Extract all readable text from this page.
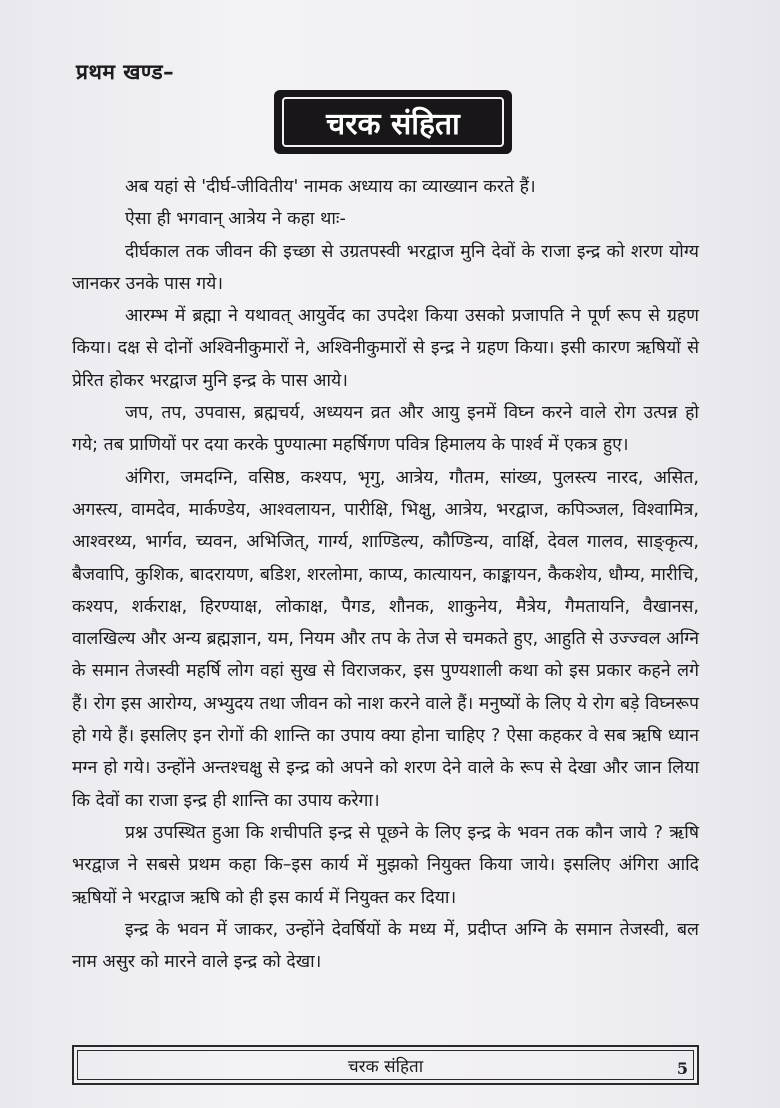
प्रथम खण्ड–
चरक संहिता

अब यहां से 'दीर्घ-जीवितीय' नामक अध्याय का व्याख्यान करते हैं।

ऐसा ही भगवान् आत्रेय ने कहा थाः-

दीर्घकाल तक जीवन की इच्छा से उग्रतपस्वी भरद्वाज मुनि देवों के राजा इन्द्र को शरण योग्य जानकर उनके पास गये।

आरम्भ में ब्रह्मा ने यथावत् आयुर्वेद का उपदेश किया उसको प्रजापति ने पूर्ण रूप से ग्रहण किया। दक्ष से दोनों अश्विनीकुमारों ने, अश्विनीकुमारों से इन्द्र ने ग्रहण किया। इसी कारण ऋषियों से प्रेरित होकर भरद्वाज मुनि इन्द्र के पास आये।

जप, तप, उपवास, ब्रह्मचर्य, अध्ययन व्रत और आयु इनमें विघ्न करने वाले रोग उत्पन्न हो गये; तब प्राणियों पर दया करके पुण्यात्मा महर्षिगण पवित्र हिमालय के पार्श्व में एकत्र हुए।

अंगिरा, जमदग्नि, वसिष्ठ, कश्यप, भृगु, आत्रेय, गौतम, सांख्य, पुलस्त्य नारद, असित, अगस्त्य, वामदेव, मार्कण्डेय, आश्वलायन, पारीक्षि, भिक्षु, आत्रेय, भरद्वाज, कपिञ्जल, विश्वामित्र, आश्वरथ्य, भार्गव, च्यवन, अभिजित्, गार्ग्य, शाण्डिल्य, कौण्डिन्य, वार्क्षि, देवल गालव, साङ्कृत्य, बैजवापि, कुशिक, बादरायण, बडिश, शरलोमा, काप्य, कात्यायन, काङ्कायन, कैकशेय, धौम्य, मारीचि, कश्यप, शर्कराक्ष, हिरण्याक्ष, लोकाक्ष, पैगड, शौनक, शाकुनेय, मैत्रेय, गैमतायनि, वैखानस, वालखिल्य और अन्य ब्रह्मज्ञान, यम, नियम और तप के तेज से चमकते हुए, आहुति से उज्ज्वल अग्नि के समान तेजस्वी महर्षि लोग वहां सुख से विराजकर, इस पुण्यशाली कथा को इस प्रकार कहने लगे हैं। रोग इस आरोग्य, अभ्युदय तथा जीवन को नाश करने वाले हैं। मनुष्यों के लिए ये रोग बड़े विघ्नरूप हो गये हैं। इसलिए इन रोगों की शान्ति का उपाय क्या होना चाहिए ? ऐसा कहकर वे सब ऋषि ध्यान मग्न हो गये। उन्होंने अन्तश्चक्षु से इन्द्र को अपने को शरण देने वाले के रूप से देखा और जान लिया कि देवों का राजा इन्द्र ही शान्ति का उपाय करेगा।

प्रश्न उपस्थित हुआ कि शचीपति इन्द्र से पूछने के लिए इन्द्र के भवन तक कौन जाये ? ऋषि भरद्वाज ने सबसे प्रथम कहा कि–इस कार्य में मुझको नियुक्त किया जाये। इसलिए अंगिरा आदि ऋषियों ने भरद्वाज ऋषि को ही इस कार्य में नियुक्त कर दिया।

इन्द्र के भवन में जाकर, उन्होंने देवर्षियों के मध्य में, प्रदीप्त अग्नि के समान तेजस्वी, बल नाम असुर को मारने वाले इन्द्र को देखा।

चरक संहिता	5
